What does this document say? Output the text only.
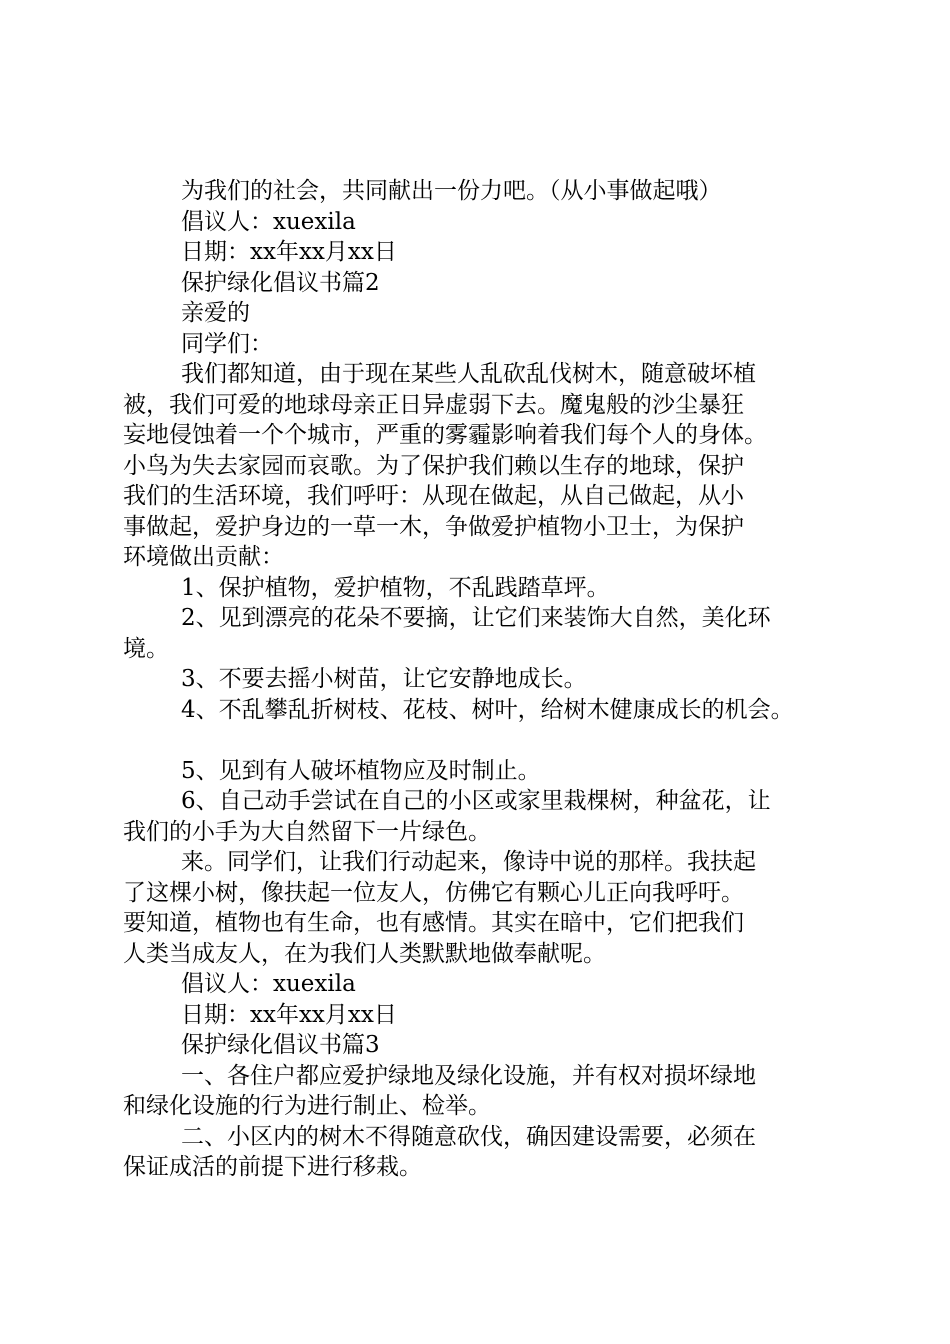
为我们的社会，共同献出一份力吧。（从小事做起哦）
倡议人：xuexila
日期：xx年xx月xx日
保护绿化倡议书篇2
亲爱的
同学们：
我们都知道，由于现在某些人乱砍乱伐树木，随意破坏植
被，我们可爱的地球母亲正日异虚弱下去。魔鬼般的沙尘暴狂
妄地侵蚀着一个个城市，严重的雾霾影响着我们每个人的身体。
小鸟为失去家园而哀歌。为了保护我们赖以生存的地球，保护
我们的生活环境，我们呼吁：从现在做起，从自己做起，从小
事做起，爱护身边的一草一木，争做爱护植物小卫士，为保护
环境做出贡献：
1、保护植物，爱护植物，不乱践踏草坪。
2、见到漂亮的花朵不要摘，让它们来装饰大自然，美化环
境。
3、不要去摇小树苗，让它安静地成长。
4、不乱攀乱折树枝、花枝、树叶，给树木健康成长的机会。
5、见到有人破坏植物应及时制止。
6、自己动手尝试在自己的小区或家里栽棵树，种盆花，让
我们的小手为大自然留下一片绿色。
来。同学们，让我们行动起来，像诗中说的那样。我扶起
了这棵小树，像扶起一位友人，仿佛它有颗心儿正向我呼吁。
要知道，植物也有生命，也有感情。其实在暗中，它们把我们
人类当成友人，在为我们人类默默地做奉献呢。
倡议人：xuexila
日期：xx年xx月xx日
保护绿化倡议书篇3
一、各住户都应爱护绿地及绿化设施，并有权对损坏绿地
和绿化设施的行为进行制止、检举。
二、小区内的树木不得随意砍伐，确因建设需要，必须在
保证成活的前提下进行移栽。
